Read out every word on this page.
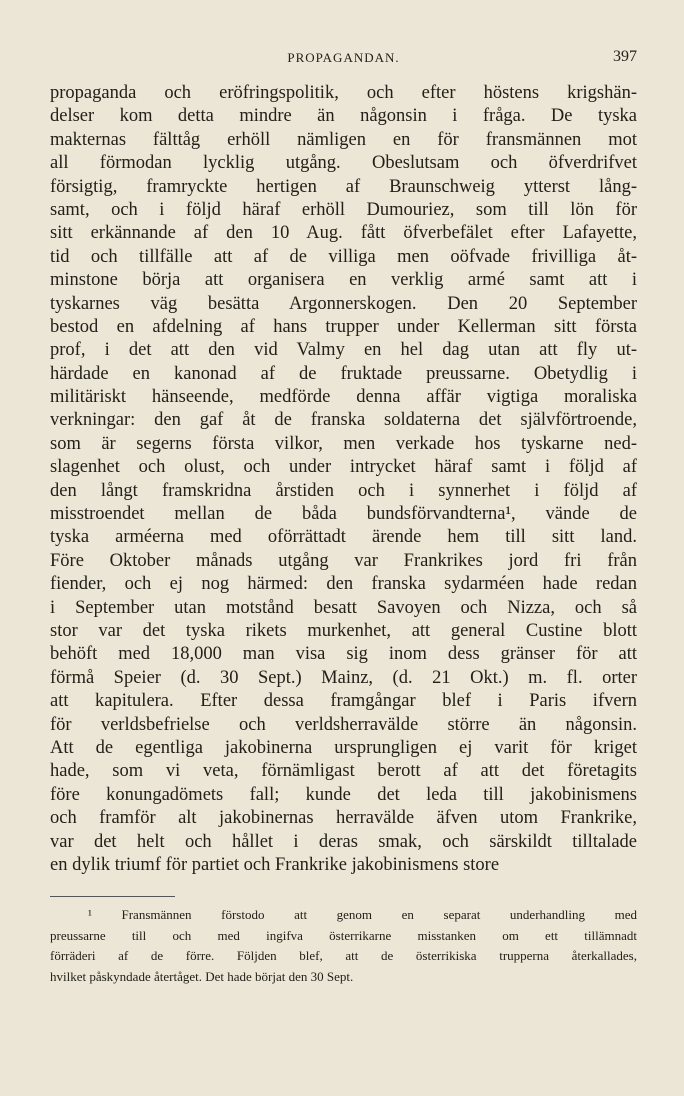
PROPAGANDAN.	397
propaganda och eröfringspolitik, och efter höstens krigshän-
delser kom detta mindre än någonsin i fråga. De tyska
makternas fälttåg erhöll nämligen en för fransmännen mot
all förmodan lycklig utgång. Obeslutsam och öfverdrifvet
försigtig, framryckte hertigen af Braunschweig ytterst lång-
samt, och i följd häraf erhöll Dumouriez, som till lön för
sitt erkännande af den 10 Aug. fått öfverbefälet efter Lafayette,
tid och tillfälle att af de villiga men oöfvade frivilliga åt-
minstone börja att organisera en verklig armé samt att i
tyskarnes väg besätta Argonnerskogen. Den 20 September
bestod en afdelning af hans trupper under Kellerman sitt första
prof, i det att den vid Valmy en hel dag utan att fly ut-
härdade en kanonad af de fruktade preussarne. Obetydlig i
militäriskt hänseende, medförde denna affär vigtiga moraliska
verkningar: den gaf åt de franska soldaterna det självförtroende,
som är segerns första vilkor, men verkade hos tyskarne ned-
slagenhet och olust, och under intrycket häraf samt i följd af
den långt framskridna årstiden och i synnerhet i följd af
misstroendet mellan de båda bundsförvandterna¹, vände de
tyska arméerna med oförrättadt ärende hem till sitt land.
Före Oktober månads utgång var Frankrikes jord fri från
fiender, och ej nog härmed: den franska sydarméen hade redan
i September utan motstånd besatt Savoyen och Nizza, och så
stor var det tyska rikets murkenhet, att general Custine blott
behöft med 18,000 man visa sig inom dess gränser för att
förmå Speier (d. 30 Sept.) Mainz, (d. 21 Okt.) m. fl. orter
att kapitulera. Efter dessa framgångar blef i Paris ifvern
för verldsbefrielse och verldsherravälde större än någonsin.
Att de egentliga jakobinerna ursprungligen ej varit för kriget
hade, som vi veta, förnämligast berott af att det företagits
före konungadömets fall; kunde det leda till jakobinismens
och framför alt jakobinernas herravälde äfven utom Frankrike,
var det helt och hållet i deras smak, och särskildt tilltalade
en dylik triumf för partiet och Frankrike jakobinismens store
¹ Fransmännen förstodo att genom en separat underhandling med
preussarne till och med ingifva österrikarne misstanken om ett tillämnadt
förräderi af de förre. Följden blef, att de österrikiska trupperna återkallades,
hvilket påskyndade återtåget. Det hade börjat den 30 Sept.
